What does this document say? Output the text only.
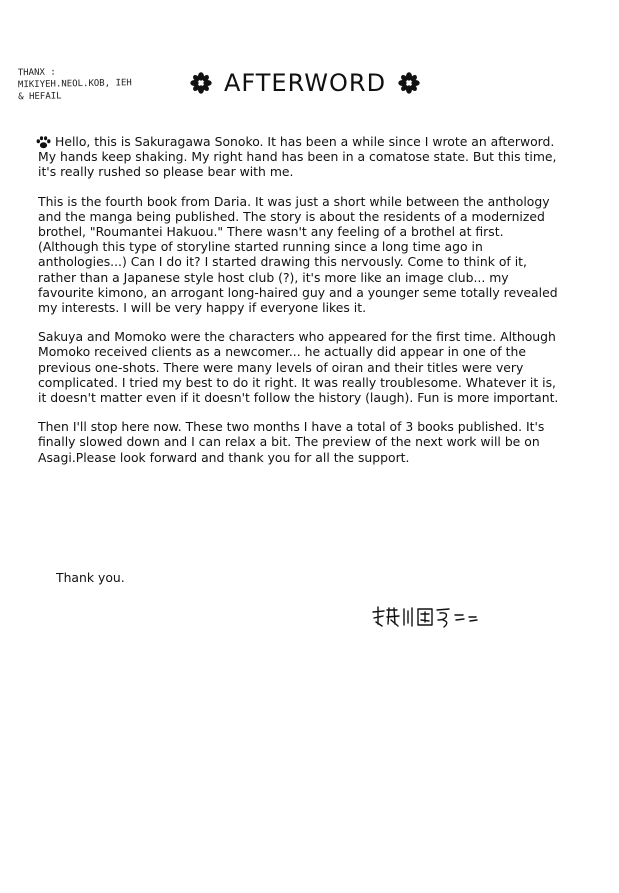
THANX :
MIKIYEH.NEOL.KOB, IEH
& HEFAIL	AFTERWORD

Hello, this is Sakuragawa Sonoko. It has been a while since I wrote an afterword. My hands keep shaking. My right hand has been in a comatose state. But this time, it's really rushed so please bear with me.

This is the fourth book from Daria. It was just a short while between the anthology and the manga being published. The story is about the residents of a modernized brothel, "Roumantei Hakuou." There wasn't any feeling of a brothel at first. (Although this type of storyline started running since a long time ago in anthologies...) Can I do it? I started drawing this nervously. Come to think of it, rather than a Japanese style host club (?), it's more like an image club... my favourite kimono, an arrogant long-haired guy and a younger seme totally revealed my interests. I will be very happy if everyone likes it.

Sakuya and Momoko were the characters who appeared for the first time. Although Momoko received clients as a newcomer... he actually did appear in one of the previous one-shots. There were many levels of oiran and their titles were very complicated. I tried my best to do it right. It was really troublesome. Whatever it is, it doesn't matter even if it doesn't follow the history (laugh). Fun is more important.

Then I'll stop here now. These two months I have a total of 3 books published. It's finally slowed down and I can relax a bit. The preview of the next work will be on Asagi.Please look forward and thank you for all the support.

Thank you.
